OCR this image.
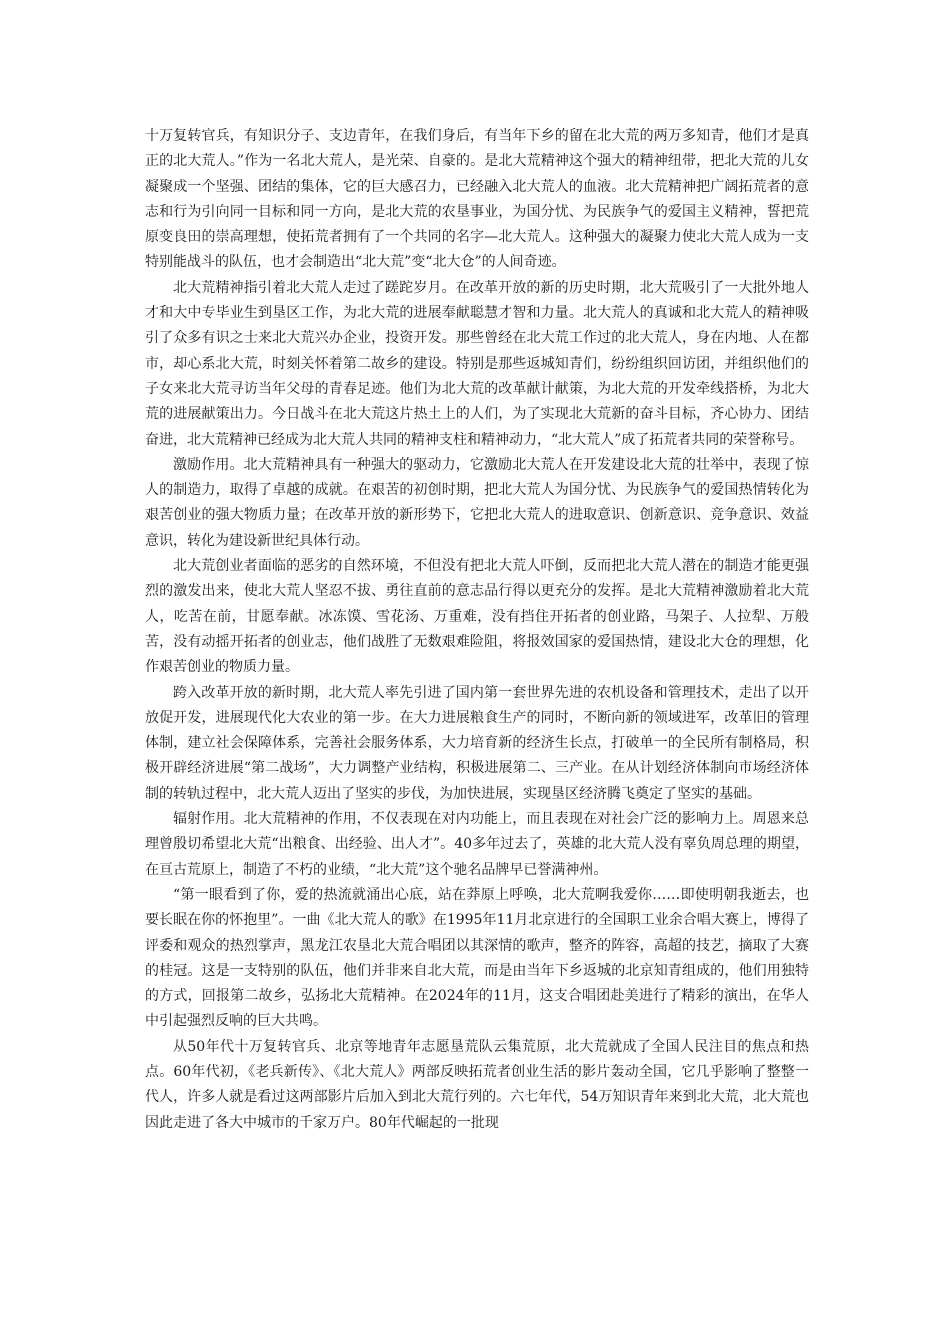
十万复转官兵，有知识分子、支边青年，在我们身后，有当年下乡的留在北大荒的两万多知青，他们才是真正的北大荒人。”作为一名北大荒人，是光荣、自豪的。是北大荒精神这个强大的精神纽带，把北大荒的儿女凝聚成一个坚强、团结的集体，它的巨大感召力，已经融入北大荒人的血液。北大荒精神把广阔拓荒者的意志和行为引向同一目标和同一方向，是北大荒的农垦事业，为国分忧、为民族争气的爱国主义精神，誓把荒原变良田的崇高理想，使拓荒者拥有了一个共同的名字—北大荒人。这种强大的凝聚力使北大荒人成为一支特别能战斗的队伍，也才会制造出“北大荒”变“北大仓”的人间奇迹。

北大荒精神指引着北大荒人走过了蹉跎岁月。在改革开放的新的历史时期，北大荒吸引了一大批外地人才和大中专毕业生到垦区工作，为北大荒的进展奉献聪慧才智和力量。北大荒人的真诚和北大荒人的精神吸引了众多有识之士来北大荒兴办企业，投资开发。那些曾经在北大荒工作过的北大荒人，身在内地、人在都市，却心系北大荒，时刻关怀着第二故乡的建设。特别是那些返城知青们，纷纷组织回访团，并组织他们的子女来北大荒寻访当年父母的青春足迹。他们为北大荒的改革献计献策，为北大荒的开发牵线搭桥，为北大荒的进展献策出力。今日战斗在北大荒这片热土上的人们，为了实现北大荒新的奋斗目标，齐心协力、团结奋进，北大荒精神已经成为北大荒人共同的精神支柱和精神动力，“北大荒人”成了拓荒者共同的荣誉称号。

激励作用。北大荒精神具有一种强大的驱动力，它激励北大荒人在开发建设北大荒的壮举中，表现了惊人的制造力，取得了卓越的成就。在艰苦的初创时期，把北大荒人为国分忧、为民族争气的爱国热情转化为艰苦创业的强大物质力量；在改革开放的新形势下，它把北大荒人的进取意识、创新意识、竞争意识、效益意识，转化为建设新世纪具体行动。

北大荒创业者面临的恶劣的自然环境，不但没有把北大荒人吓倒，反而把北大荒人潜在的制造才能更强烈的激发出来，使北大荒人坚忍不拔、勇往直前的意志品行得以更充分的发挥。是北大荒精神激励着北大荒人，吃苦在前，甘愿奉献。冰冻馍、雪花汤、万重难，没有挡住开拓者的创业路，马架子、人拉犁、万般苦，没有动摇开拓者的创业志，他们战胜了无数艰难险阻，将报效国家的爱国热情，建设北大仓的理想，化作艰苦创业的物质力量。

跨入改革开放的新时期，北大荒人率先引进了国内第一套世界先进的农机设备和管理技术，走出了以开放促开发，进展现代化大农业的第一步。在大力进展粮食生产的同时，不断向新的领域进军，改革旧的管理体制，建立社会保障体系，完善社会服务体系，大力培育新的经济生长点，打破单一的全民所有制格局，积极开辟经济进展“第二战场”，大力调整产业结构，积极进展第二、三产业。在从计划经济体制向市场经济体制的转轨过程中，北大荒人迈出了坚实的步伐，为加快进展，实现垦区经济腾飞奠定了坚实的基础。

辐射作用。北大荒精神的作用，不仅表现在对内功能上，而且表现在对社会广泛的影响力上。周恩来总理曾殷切希望北大荒“出粮食、出经验、出人才”。40多年过去了，英雄的北大荒人没有辜负周总理的期望，在亘古荒原上，制造了不朽的业绩，“北大荒”这个驰名品牌早已誉满神州。

“第一眼看到了你，爱的热流就涌出心底，站在莽原上呼唤，北大荒啊我爱你……即使明朝我逝去，也要长眠在你的怀抱里”。一曲《北大荒人的歌》在1995年11月北京进行的全国职工业余合唱大赛上，博得了评委和观众的热烈掌声，黑龙江农垦北大荒合唱团以其深情的歌声，整齐的阵容，高超的技艺，摘取了大赛的桂冠。这是一支特别的队伍，他们并非来自北大荒，而是由当年下乡返城的北京知青组成的，他们用独特的方式，回报第二故乡，弘扬北大荒精神。在2024年的11月，这支合唱团赴美进行了精彩的演出，在华人中引起强烈反响的巨大共鸣。

从50年代十万复转官兵、北京等地青年志愿垦荒队云集荒原，北大荒就成了全国人民注目的焦点和热点。60年代初，《老兵新传》、《北大荒人》两部反映拓荒者创业生活的影片轰动全国，它几乎影响了整整一代人，许多人就是看过这两部影片后加入到北大荒行列的。六七年代，54万知识青年来到北大荒，北大荒也因此走进了各大中城市的千家万户。80年代崛起的一批现
